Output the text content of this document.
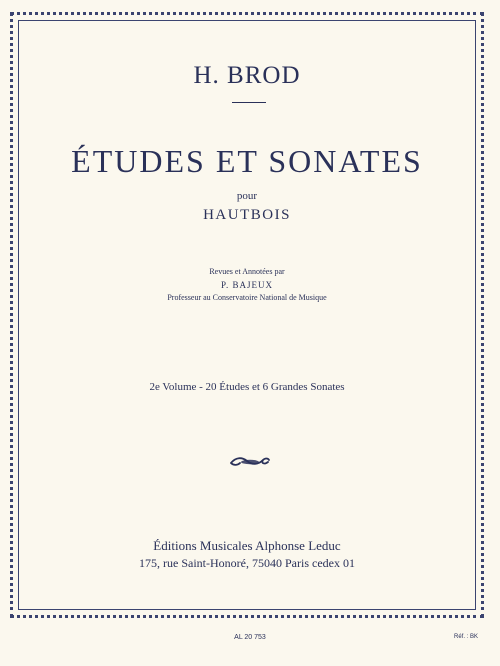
H. BROD
ÉTUDES ET SONATES
pour
HAUTBOIS
Revues et Annotées par
P. BAJEUX
Professeur au Conservatoire National de Musique
2e Volume - 20 Études et 6 Grandes Sonates
Éditions Musicales Alphonse Leduc
175, rue Saint-Honoré, 75040 Paris cedex 01
AL 20 753	Réf. : BK
